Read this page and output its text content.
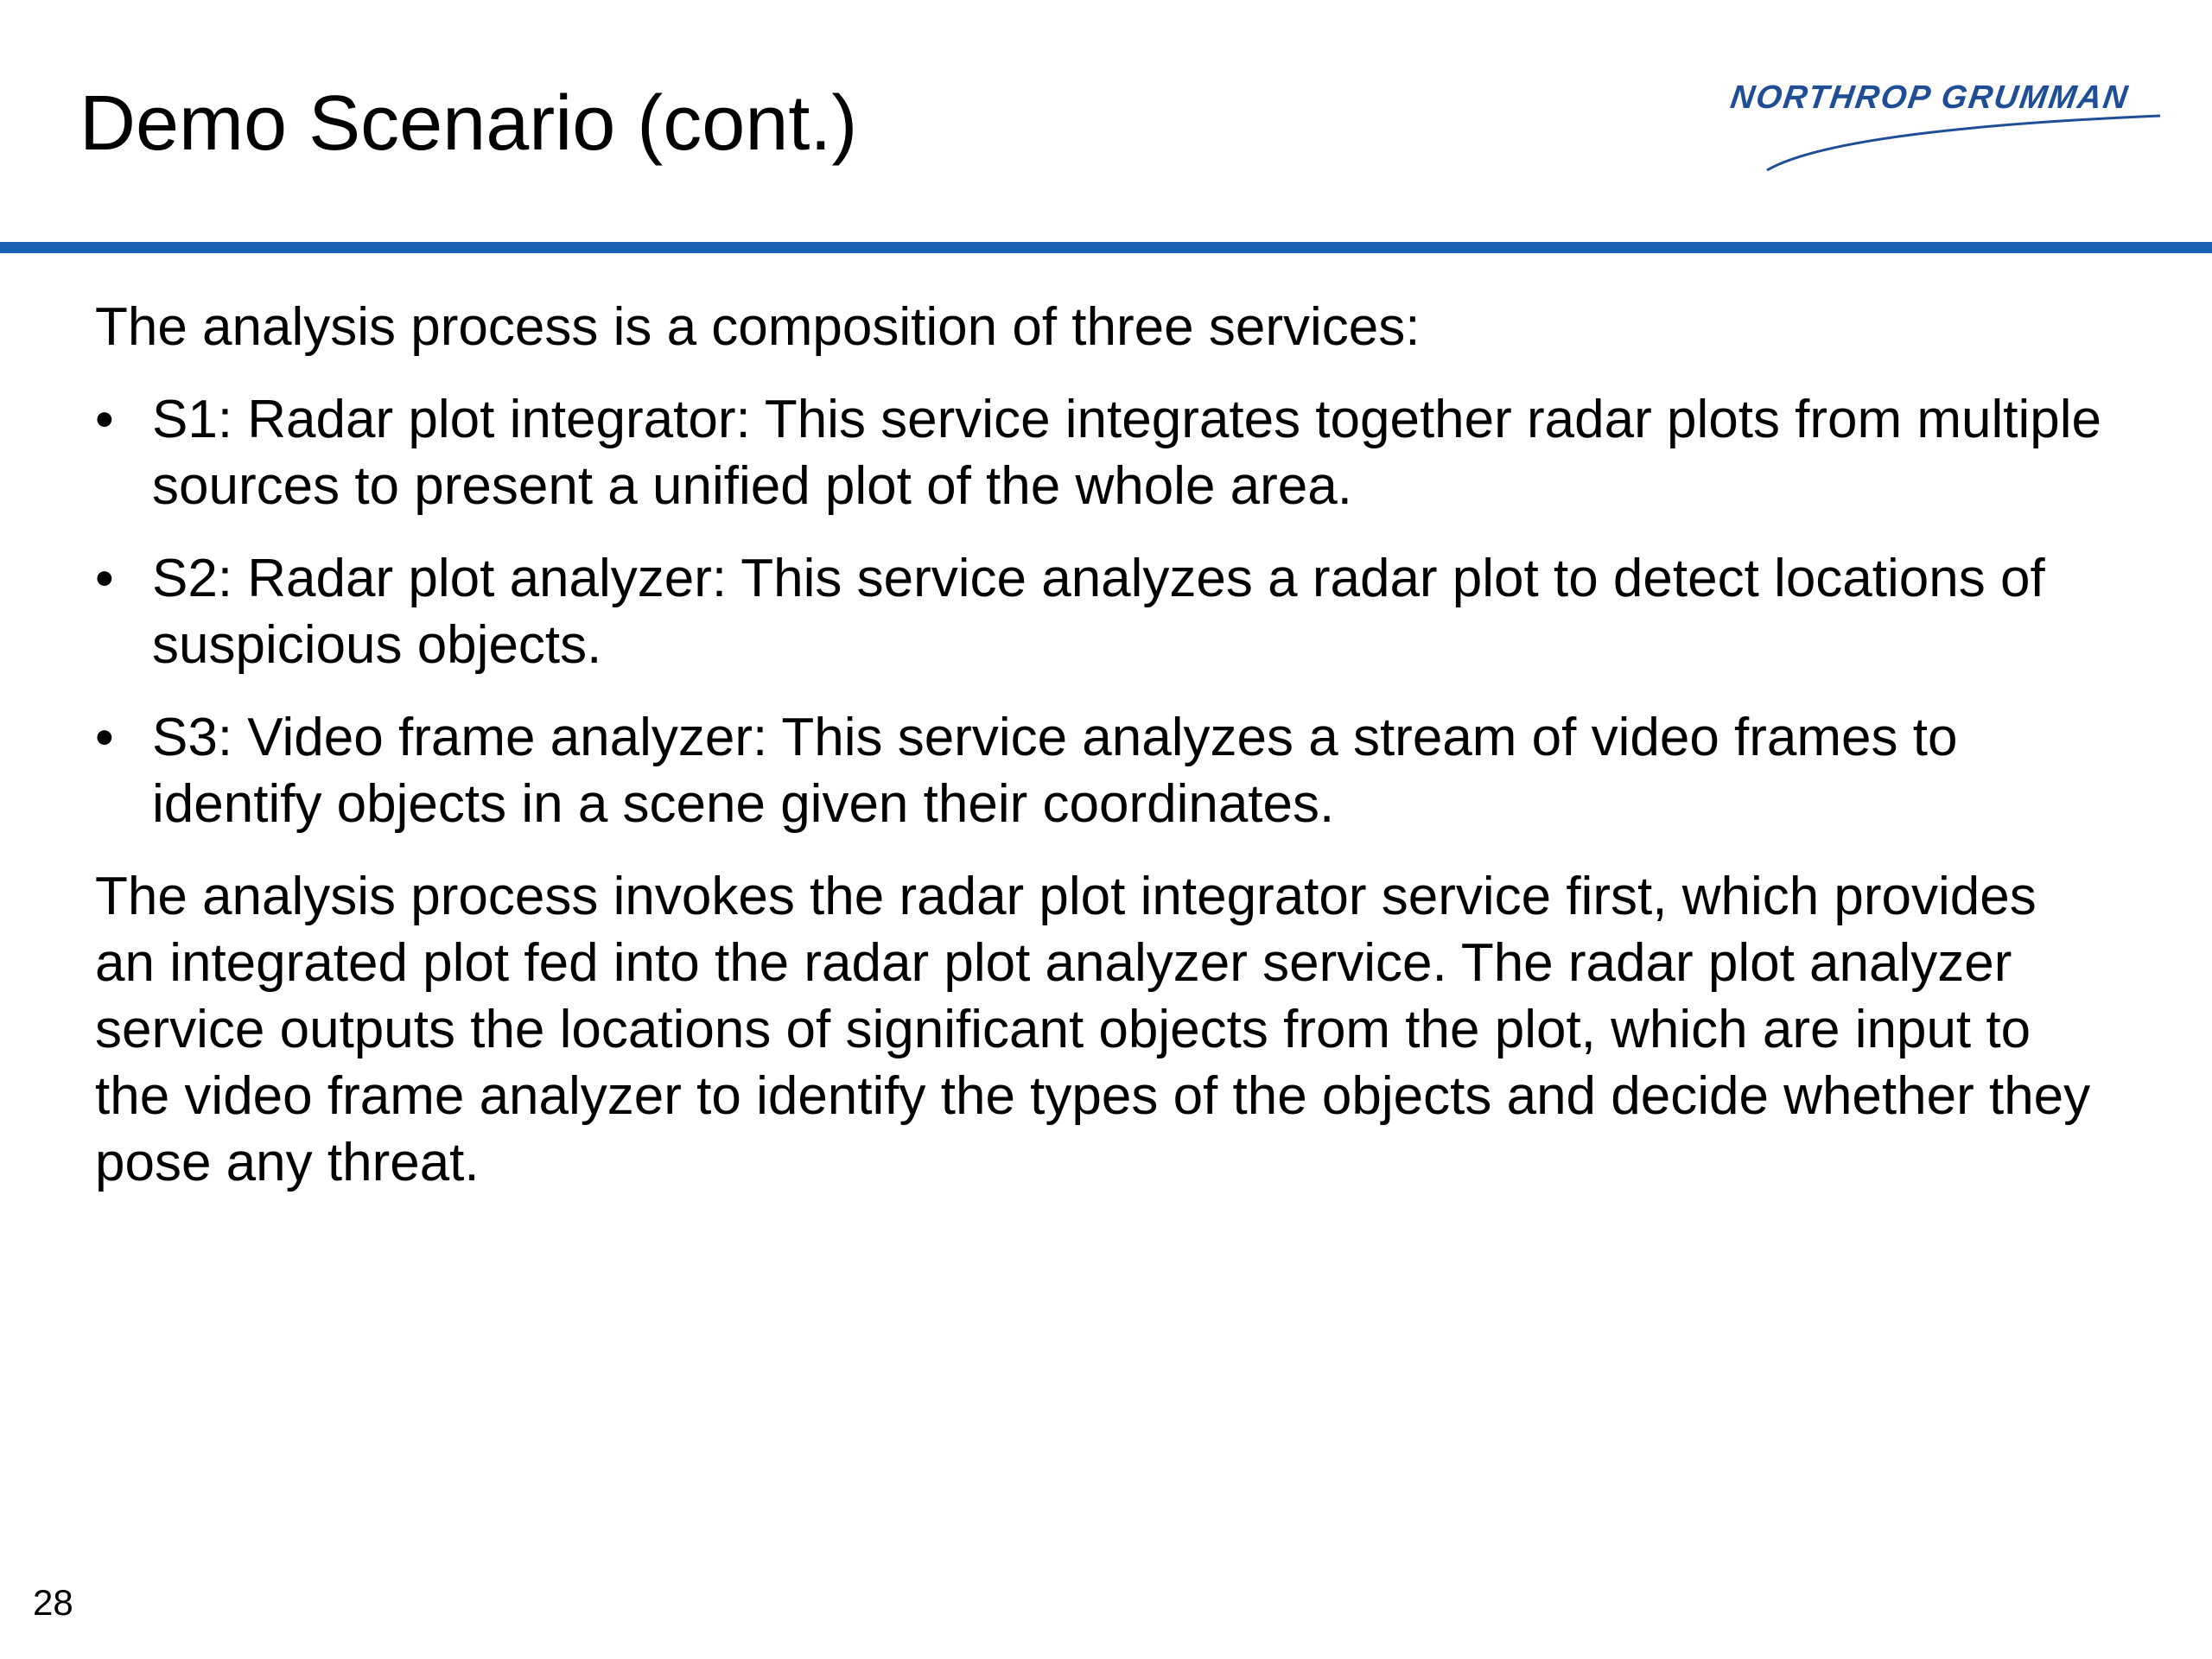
Demo Scenario (cont.)	NORTHROP GRUMMAN

The analysis process is a composition of three services:

• S1: Radar plot integrator: This service integrates together radar plots from multiple sources to present a unified plot of the whole area.
• S2: Radar plot analyzer: This service analyzes a radar plot to detect locations of suspicious objects.
• S3: Video frame analyzer: This service analyzes a stream of video frames to identify objects in a scene given their coordinates.

The analysis process invokes the radar plot integrator service first, which provides an integrated plot fed into the radar plot analyzer service. The radar plot analyzer service outputs the locations of significant objects from the plot, which are input to the video frame analyzer to identify the types of the objects and decide whether they pose any threat.

28
